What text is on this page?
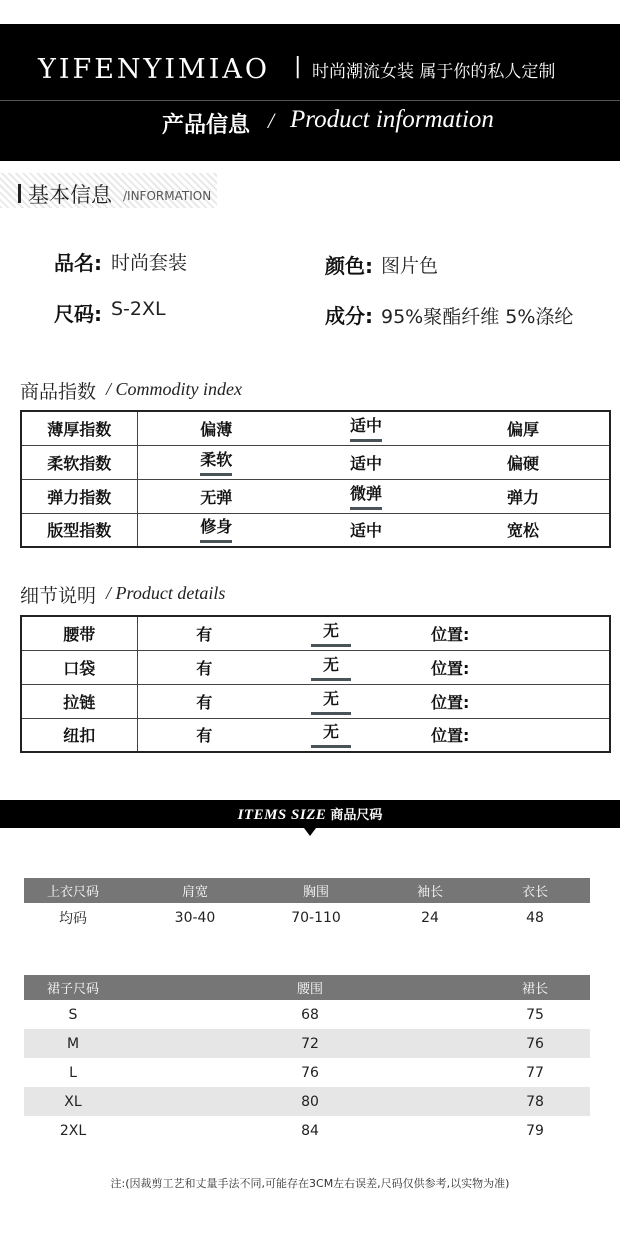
YIFENYIMIAO | 时尚潮流女装 属于你的私人定制
产品信息 / Product information
基本信息 /INFORMATION
品名: 时尚套装	颜色: 图片色
尺码: S-2XL	成分: 95%聚酯纤维 5%涤纶
商品指数 / Commodity index
薄厚指数	偏薄	适中	偏厚
柔软指数	柔软	适中	偏硬
弹力指数	无弹	微弹	弹力
版型指数	修身	适中	宽松
细节说明 / Product details
腰带	有	无	位置:
口袋	有	无	位置:
拉链	有	无	位置:
纽扣	有	无	位置:
ITEMS SIZE 商品尺码
上衣尺码	肩宽	胸围	袖长	衣长
均码	30-40	70-110	24	48
裙子尺码	腰围	裙长
S	68	75
M	72	76
L	76	77
XL	80	78
2XL	84	79
注:(因裁剪工艺和丈量手法不同,可能存在3CM左右误差,尺码仅供参考,以实物为准)
